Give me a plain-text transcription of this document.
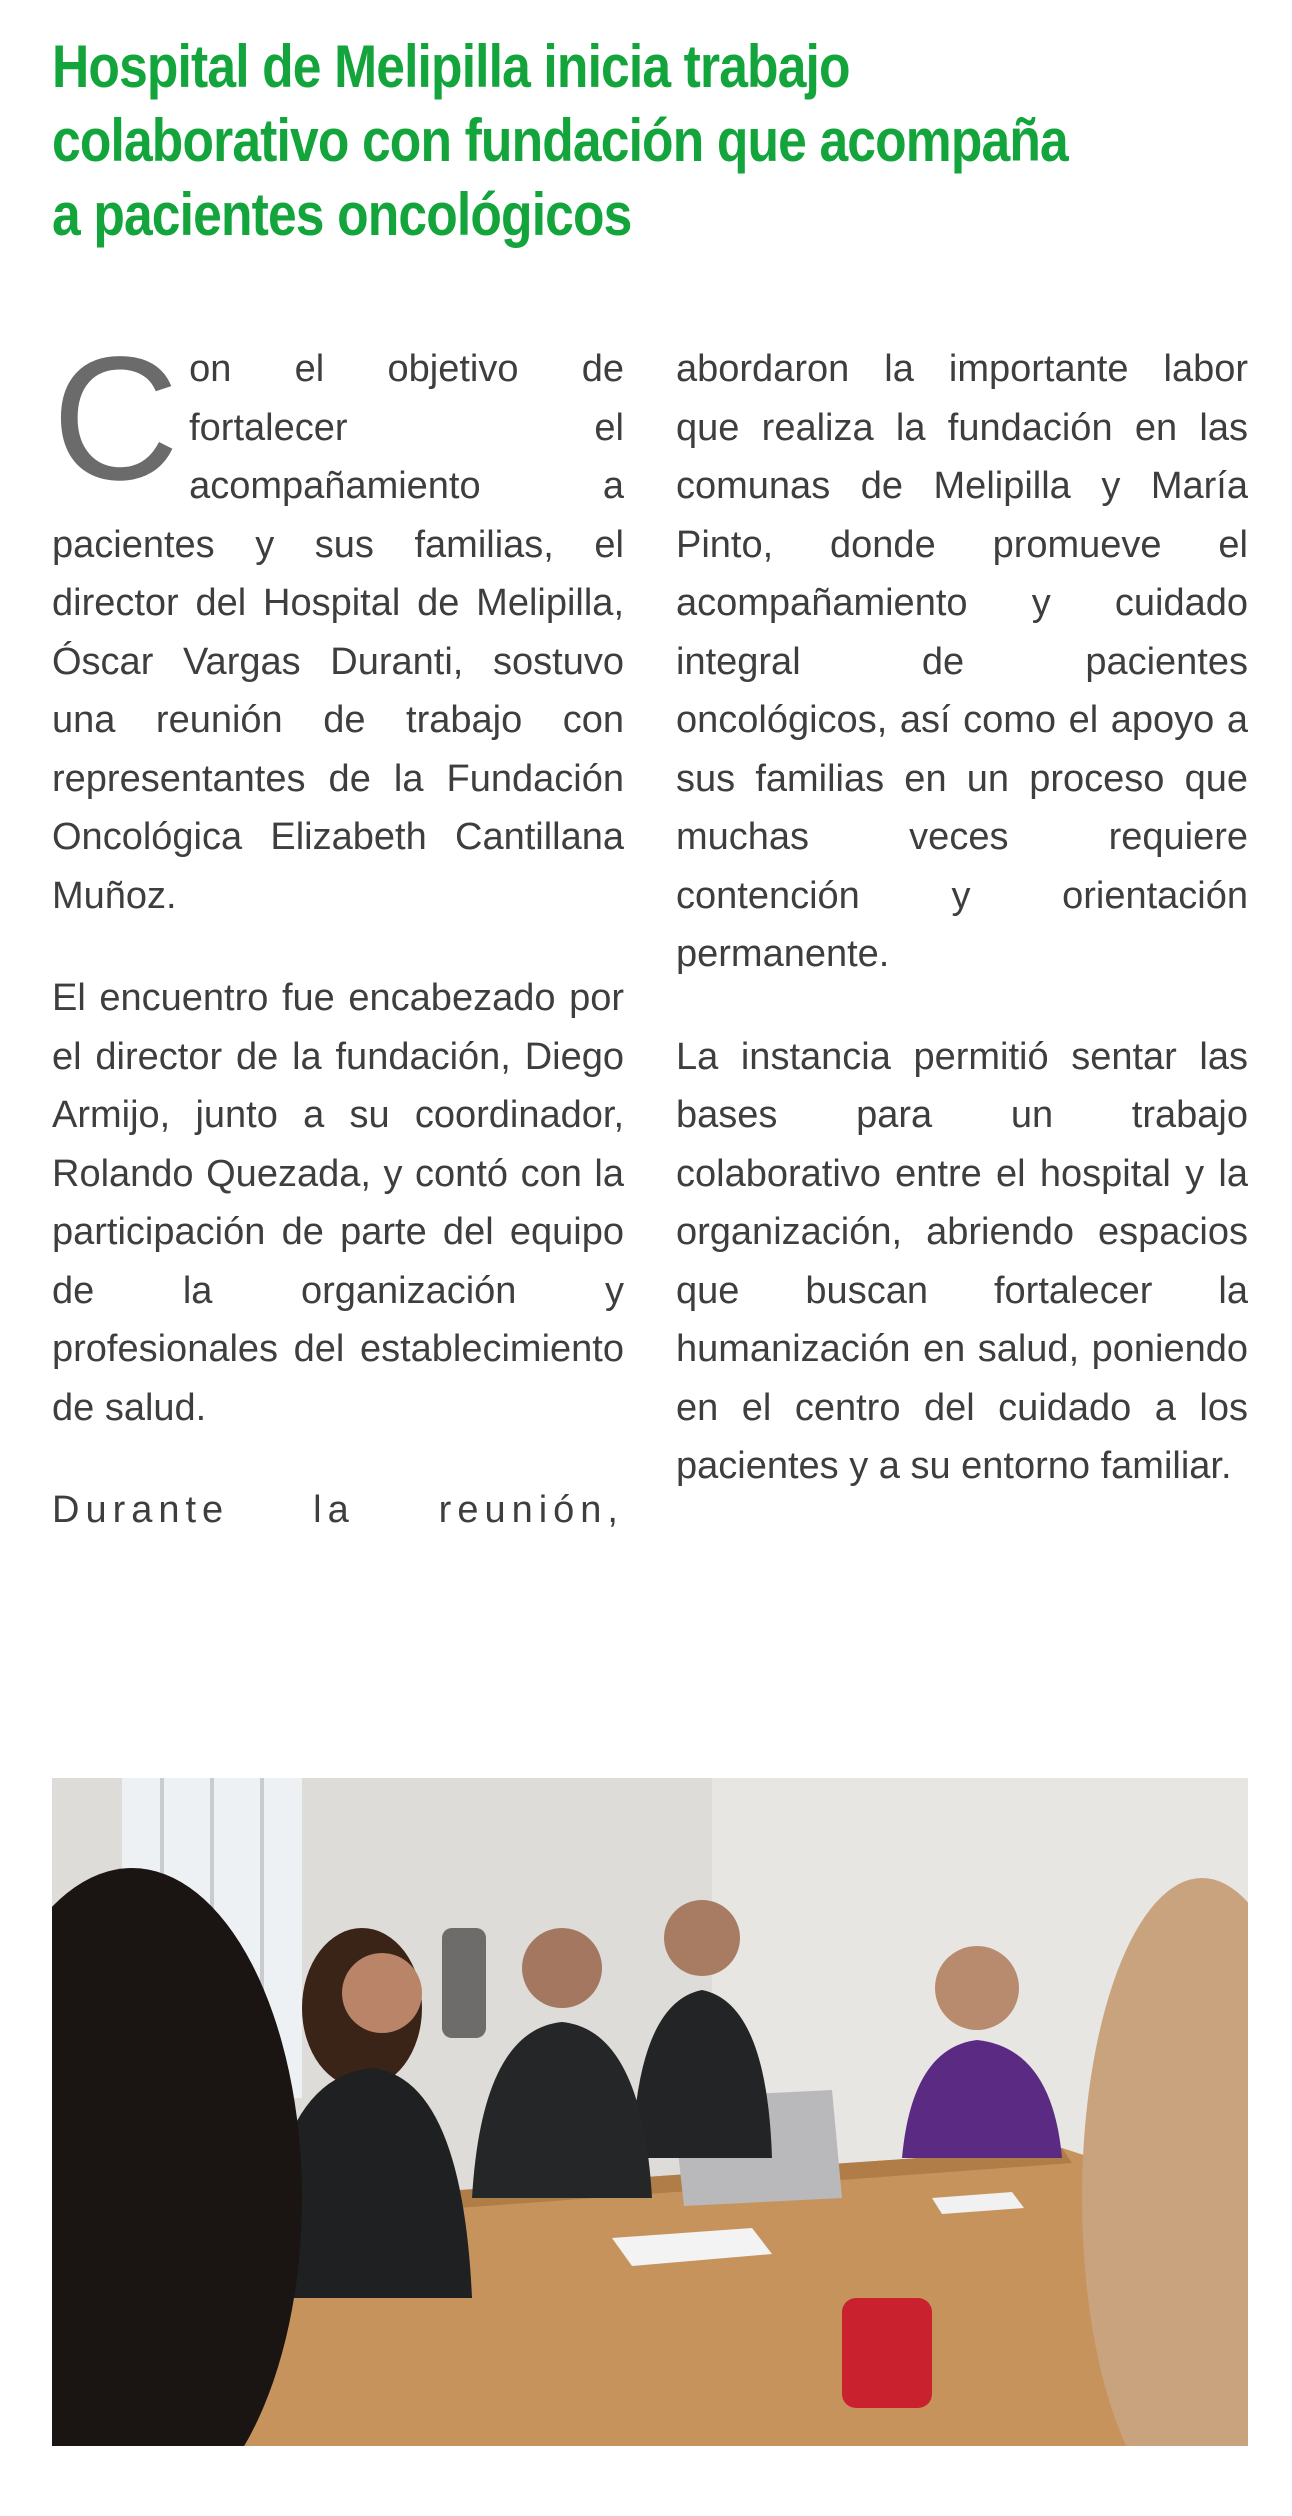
Hospital de Melipilla inicia trabajo colaborativo con fundación que acompaña a pacientes oncológicos

C on el objetivo de fortalecer el acompañamiento a pacientes y sus familias, el director del Hospital de Melipilla, Óscar Vargas Duranti, sostuvo una reunión de trabajo con representantes de la Fundación Oncológica Elizabeth Cantillana Muñoz.

El encuentro fue encabezado por el director de la fundación, Diego Armijo, junto a su coordinador, Rolando Quezada, y contó con la participación de parte del equipo de la organización y profesionales del establecimiento de salud.

Durante la reunión,

abordaron la importante labor que realiza la fundación en las comunas de Melipilla y María Pinto, donde promueve el acompañamiento y cuidado integral de pacientes oncológicos, así como el apoyo a sus familias en un proceso que muchas veces requiere contención y orientación permanente.

La instancia permitió sentar las bases para un trabajo colaborativo entre el hospital y la organización, abriendo espacios que buscan fortalecer la humanización en salud, poniendo en el centro del cuidado a los pacientes y a su entorno familiar.
